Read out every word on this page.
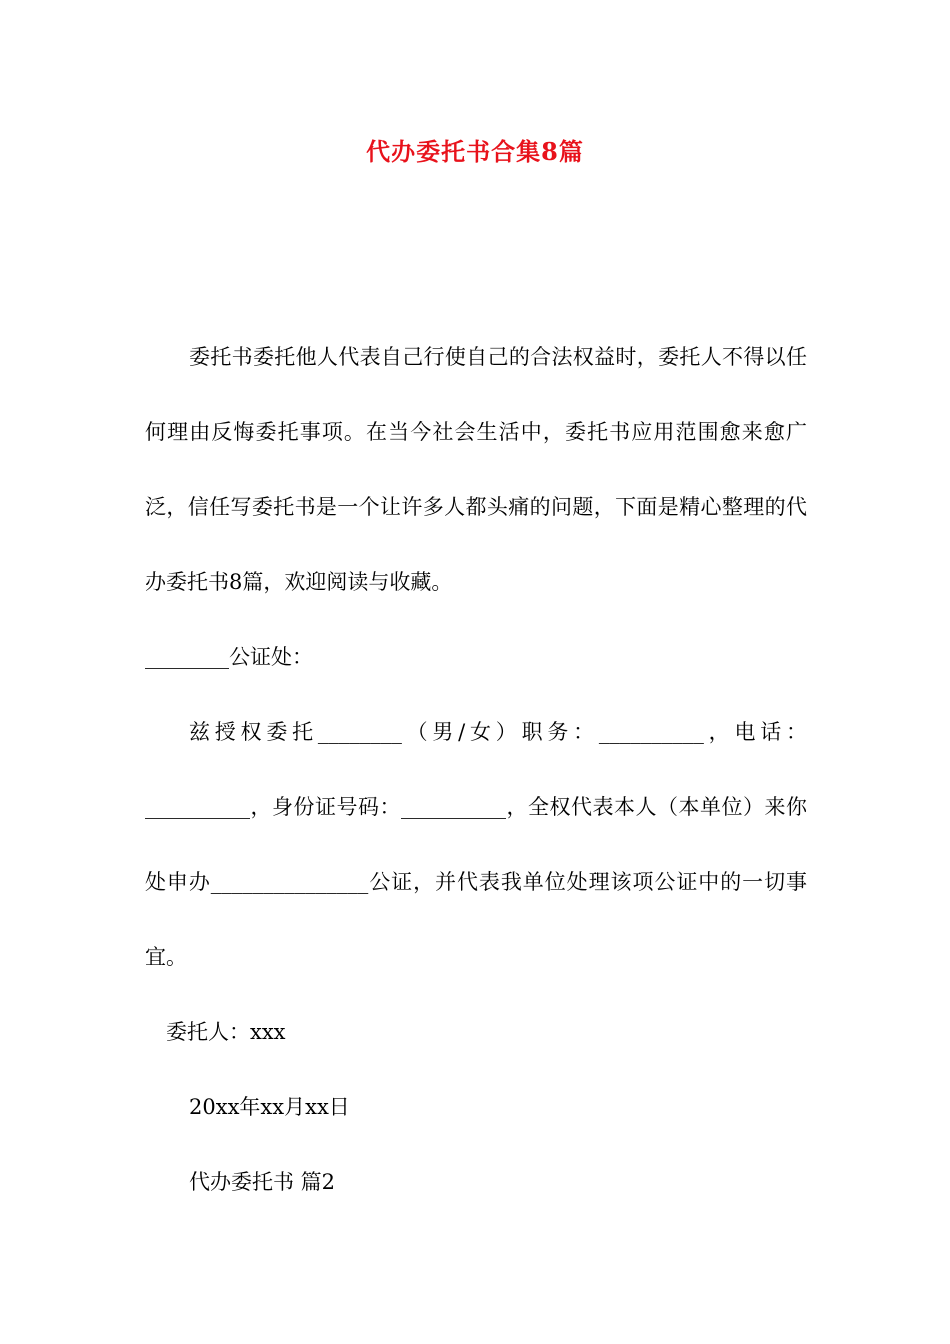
代办委托书合集8篇

委托书委托他人代表自己行使自己的合法权益时，委托人不得以任何理由反悔委托事项。在当今社会生活中，委托书应用范围愈来愈广泛，信任写委托书是一个让许多人都头痛的问题，下面是精心整理的代办委托书8篇，欢迎阅读与收藏。

________公证处：

兹授权委托________（男/女）职务：__________，电话：__________，身份证号码：__________，全权代表本人（本单位）来你处申办_______________公证，并代表我单位处理该项公证中的一切事宜。

委托人：xxx

20xx年xx月xx日

代办委托书 篇2
